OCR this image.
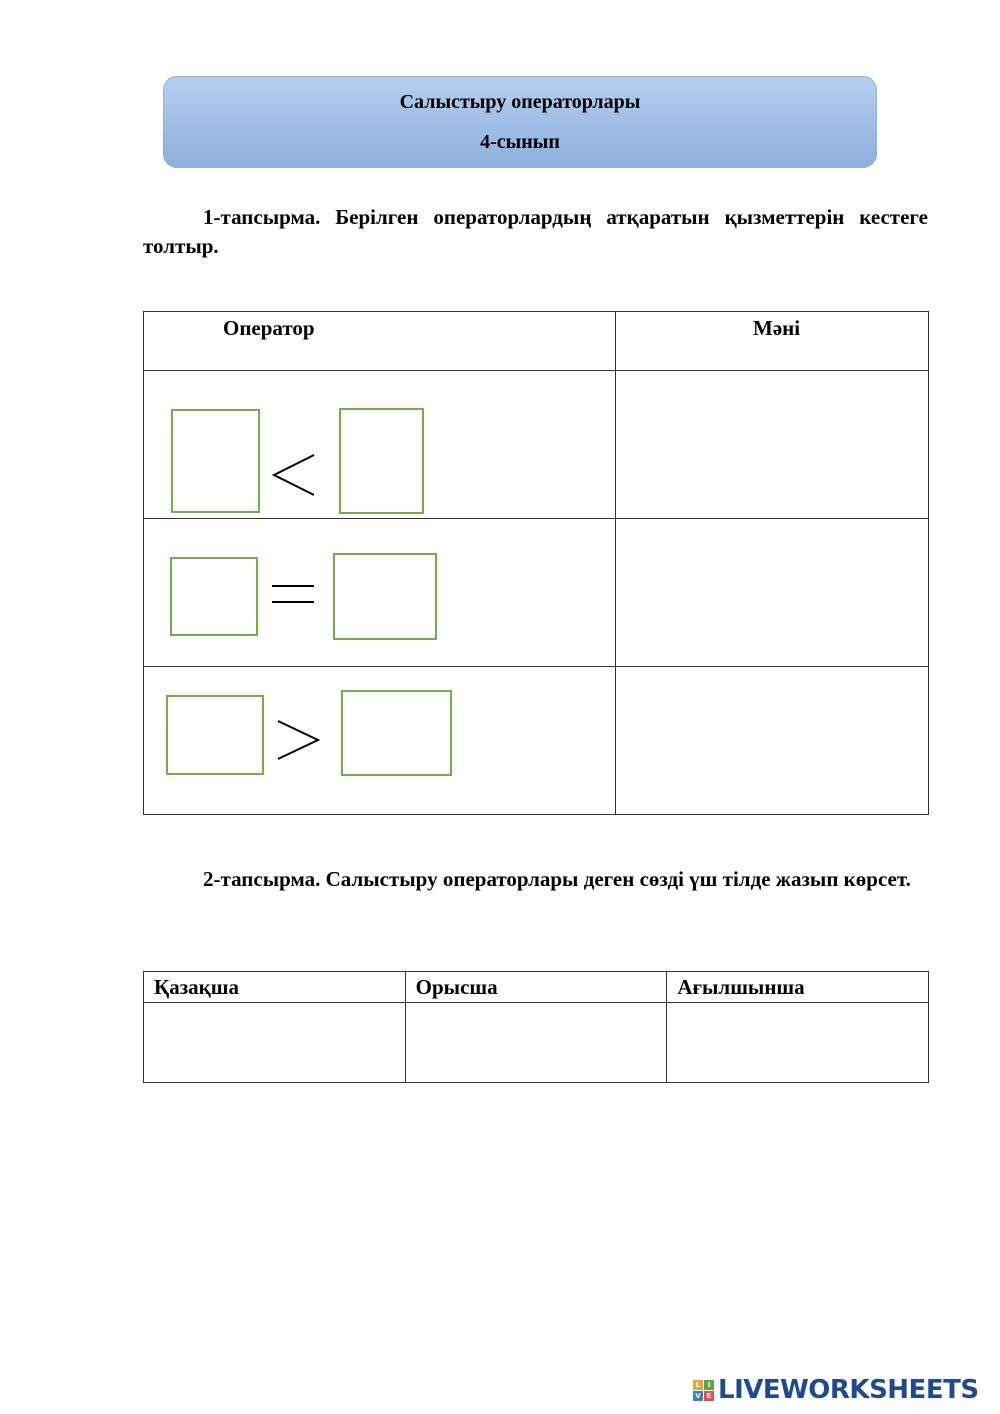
Салыстыру операторлары
4-сынып
1-тапсырма. Берілген операторлардың атқаратын қызметтерін кестеге толтыр.
Оператор	Мәні

2-тапсырма. Салыстыру операторлары деген сөзді үш тілде жазып көрсет.
Қазақша	Орысша	Ағылшынша

L	I
V E LIVEWORKSHEETS
